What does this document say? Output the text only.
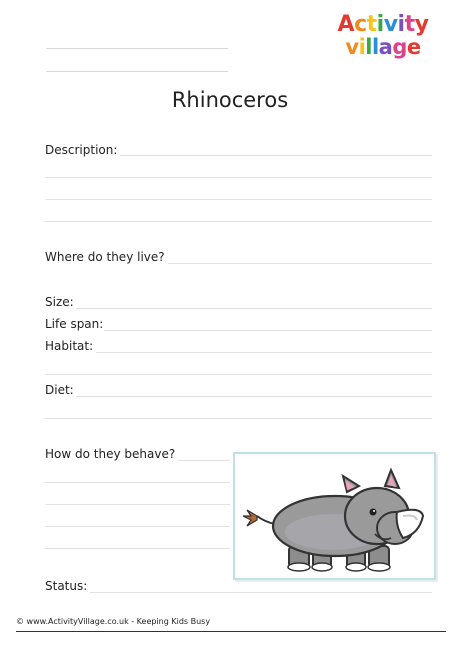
Activity
village
Rhinoceros
Description:
Where do they live?
Size:
Life span:
Habitat:
Diet:
How do they behave?
Status:
© www.ActivityVillage.co.uk - Keeping Kids Busy
